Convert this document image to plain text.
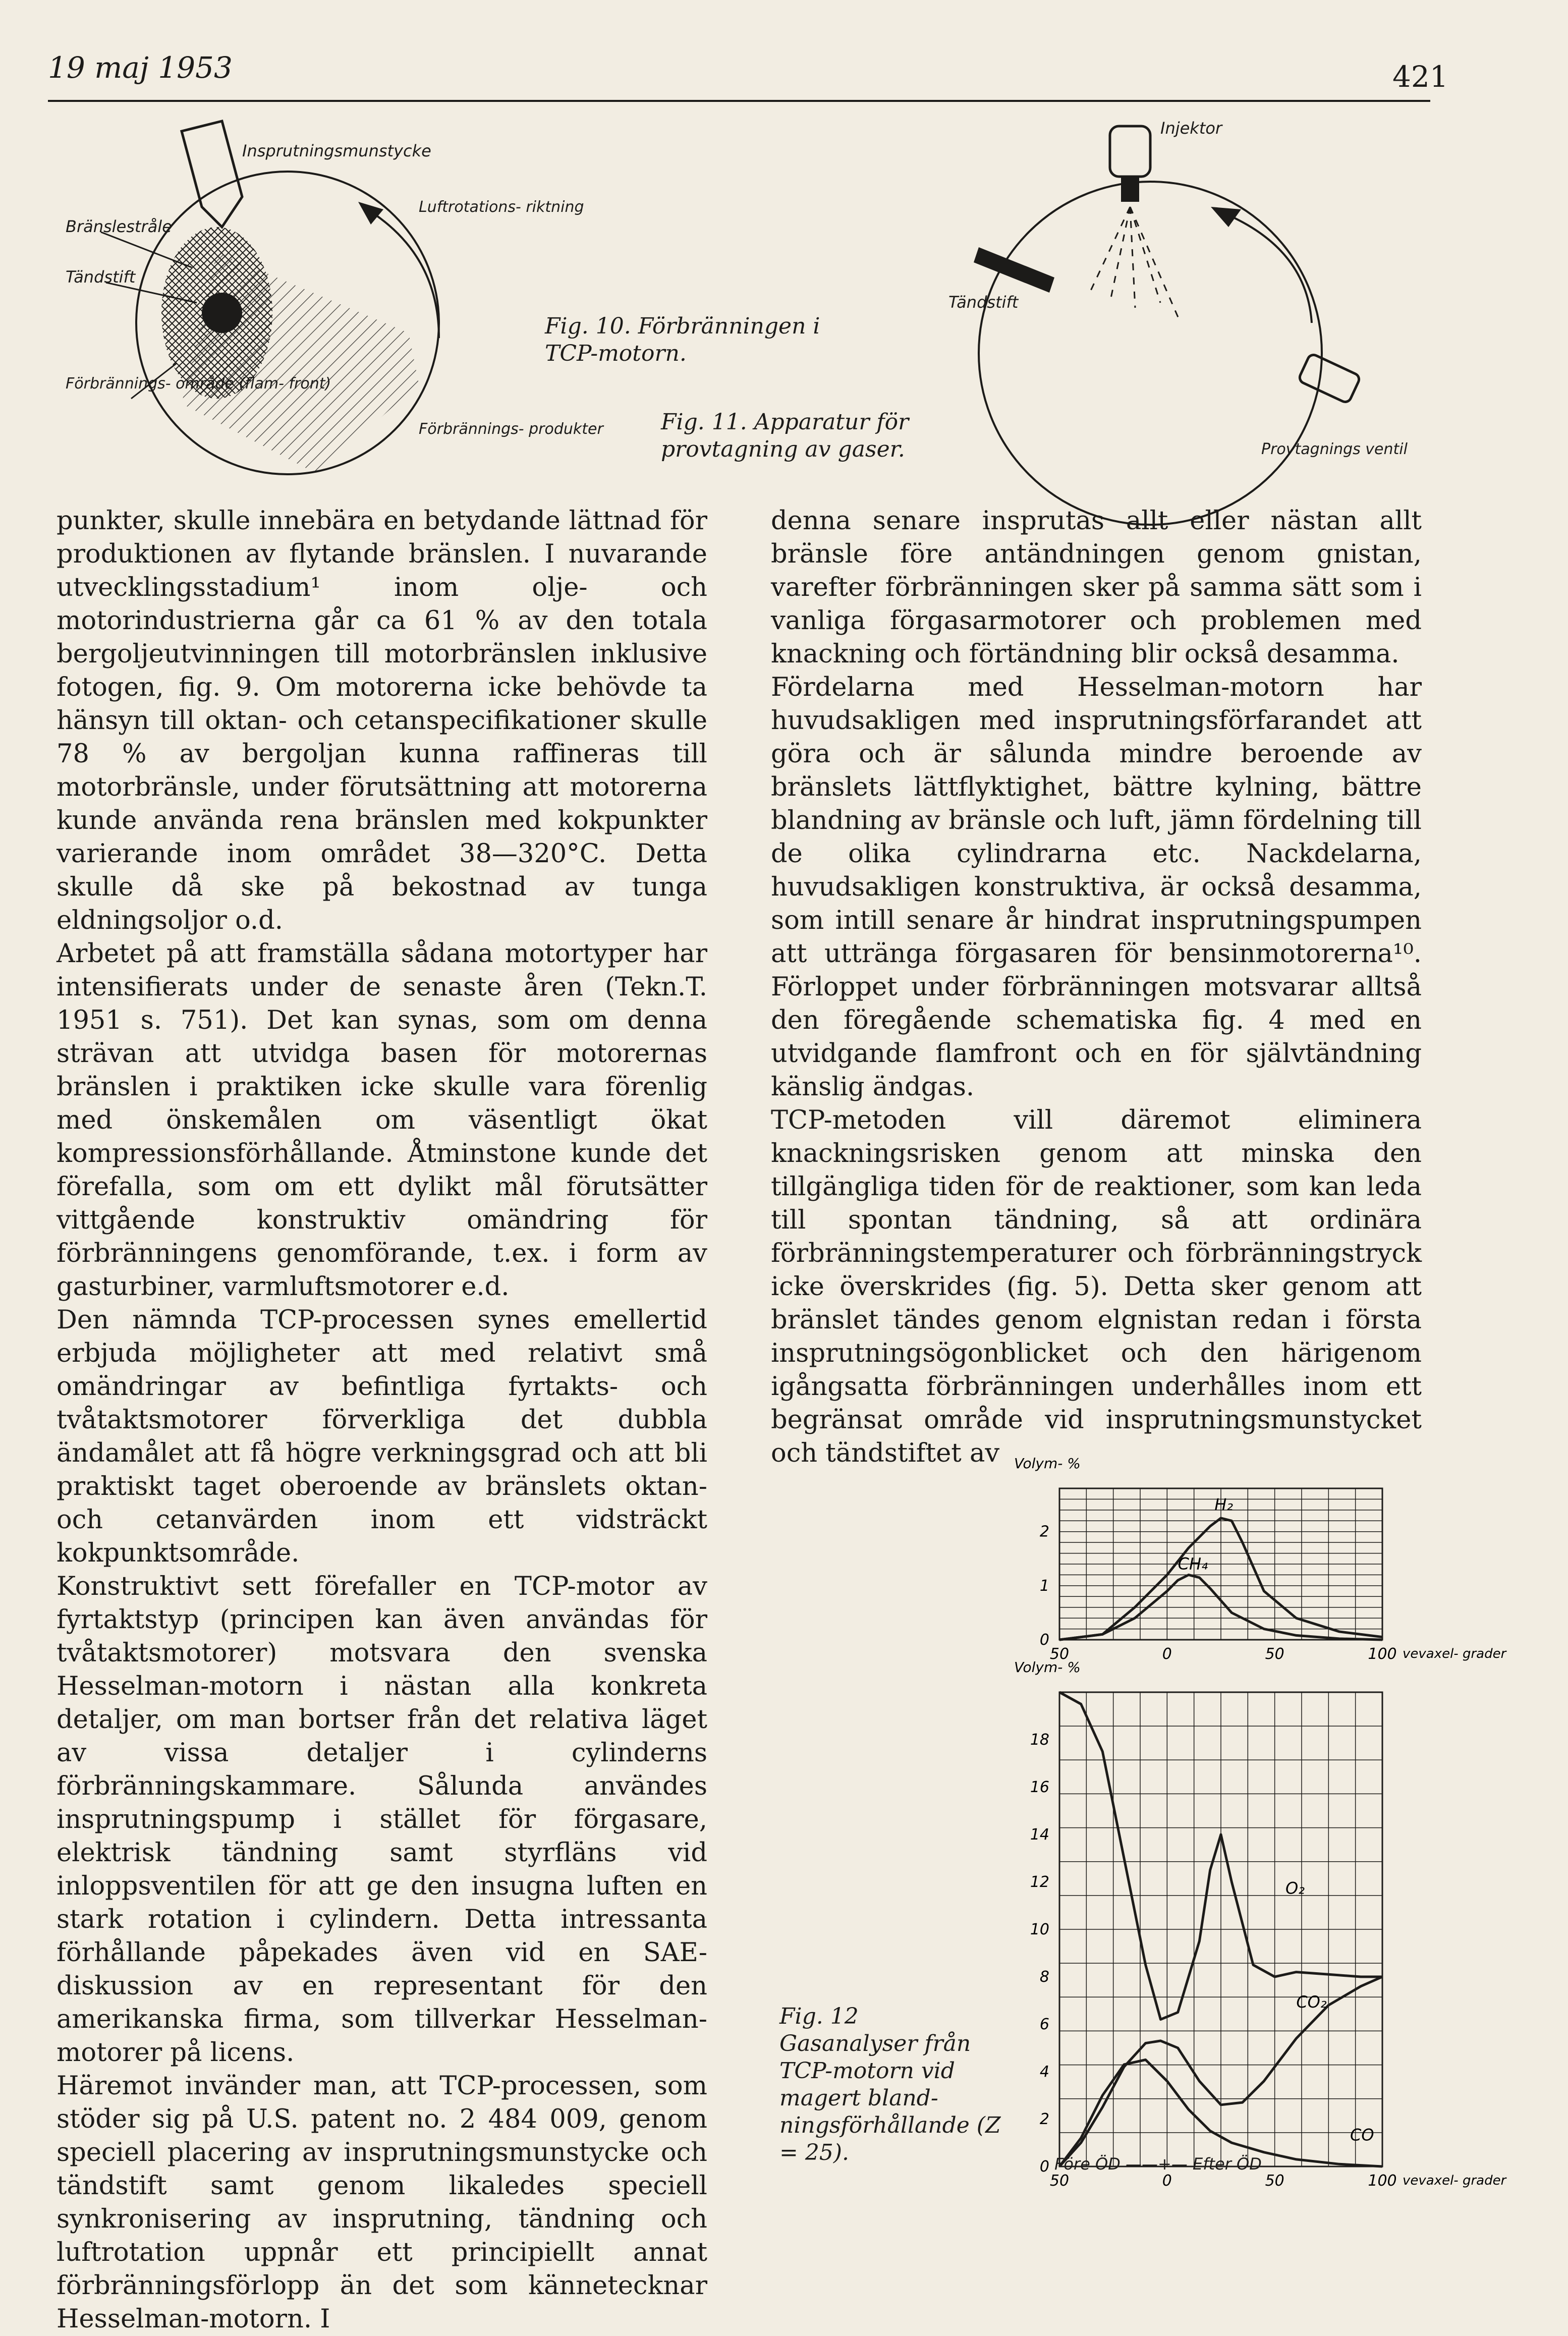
19 maj 1953	421
Insprutningsmunstycke
Bränslestråle
Tändstift
Luftrotations- riktning
Förbrännings- område (flam- front)
Förbrännings- produkter
Fig. 10. Förbränningen i TCP-motorn.
Fig. 11. Apparatur för provtagning av gaser.
Injektor
Tändstift
Provtagnings ventil

punkter, skulle innebära en betydande lättnad för produktionen av flytande bränslen. I nuvarande utvecklingsstadium¹ inom olje- och motorindustrierna går ca 61 % av den totala bergoljeutvinningen till motorbränslen inklusive fotogen, fig. 9. Om motorerna icke behövde ta hänsyn till oktan- och cetanspecifikationer skulle 78 % av bergoljan kunna raffineras till motorbränsle, under förutsättning att motorerna kunde använda rena bränslen med kokpunkter varierande inom området 38—320°C. Detta skulle då ske på bekostnad av tunga eldningsoljor o.d.

Arbetet på att framställa sådana motortyper har intensifierats under de senaste åren (Tekn.T. 1951 s. 751). Det kan synas, som om denna strävan att utvidga basen för motorernas bränslen i praktiken icke skulle vara förenlig med önskemålen om väsentligt ökat kompressionsförhållande. Åtminstone kunde det förefalla, som om ett dylikt mål förutsätter vittgående konstruktiv omändring för förbränningens genomförande, t.ex. i form av gasturbiner, varmluftsmotorer e.d.

Den nämnda TCP-processen synes emellertid erbjuda möjligheter att med relativt små omändringar av befintliga fyrtakts- och tvåtaktsmotorer förverkliga det dubbla ändamålet att få högre verkningsgrad och att bli praktiskt taget oberoende av bränslets oktan- och cetanvärden inom ett vidsträckt kokpunktsområde.

Konstruktivt sett förefaller en TCP-motor av fyrtaktstyp (principen kan även användas för tvåtaktsmotorer) motsvara den svenska Hesselman-motorn i nästan alla konkreta detaljer, om man bortser från det relativa läget av vissa detaljer i cylinderns förbränningskammare. Sålunda användes insprutningspump i stället för förgasare, elektrisk tändning samt styrfläns vid inloppsventilen för att ge den insugna luften en stark rotation i cylindern. Detta intressanta förhållande påpekades även vid en SAE-diskussion av en representant för den amerikanska firma, som tillverkar Hesselman-motorer på licens.

Häremot invänder man, att TCP-processen, som stöder sig på U.S. patent no. 2 484 009, genom speciell placering av insprutningsmunstycke och tändstift samt genom likaledes speciell synkronisering av insprutning, tändning och luftrotation uppnår ett principiellt annat förbränningsförlopp än det som kännetecknar Hesselman-motorn. I

denna senare insprutas allt eller nästan allt bränsle före antändningen genom gnistan, varefter förbränningen sker på samma sätt som i vanliga förgasarmotorer och problemen med knackning och förtändning blir också desamma.

Fördelarna med Hesselman-motorn har huvudsakligen med insprutningsförfarandet att göra och är sålunda mindre beroende av bränslets lättflyktighet, bättre kylning, bättre blandning av bränsle och luft, jämn fördelning till de olika cylindrarna etc. Nackdelarna, huvudsakligen konstruktiva, är också desamma, som intill senare år hindrat insprutningspumpen att uttränga förgasaren för bensinmotorerna¹⁰. Förloppet under förbränningen motsvarar alltså den föregående schematiska fig. 4 med en utvidgande flamfront och en för självtändning känslig ändgas.

TCP-metoden vill däremot eliminera knackningsrisken genom att minska den tillgängliga tiden för de reaktioner, som kan leda till spontan tändning, så att ordinära förbränningstemperaturer och förbränningstryck icke överskrides (fig. 5). Detta sker genom att bränslet tändes genom elgnistan redan i första insprutningsögonblicket och den härigenom igångsatta förbränningen underhålles inom ett begränsat område vid insprutningsmunstycket och tändstiftet av	Volym- %
0
1
2
50	0	50	100 vevaxel- grader
H₂
CH₄

Volym- %
0
2
4
6
8
10
12
14
16
18
50	0	50	100 vevaxel- grader
O₂
CO₂
CO
Fig. 12 Gasanalyser från TCP-motorn vid magert bland- ningsförhållande (Z = 25).	Före ÖD ——+— Efter ÖD
